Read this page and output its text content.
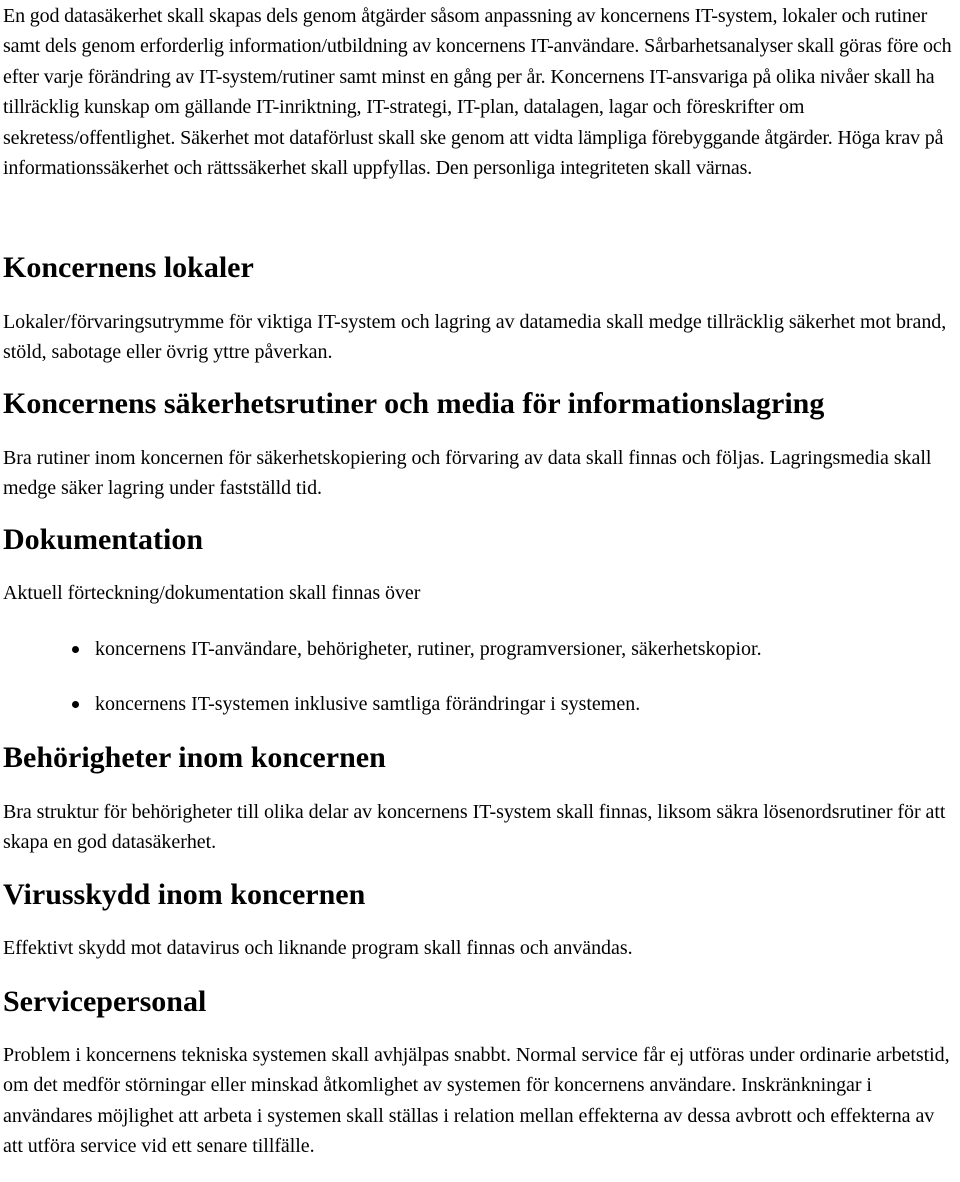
En god datasäkerhet skall skapas dels genom åtgärder såsom anpassning av koncernens IT-system, lokaler och rutiner samt dels genom erforderlig information/utbildning av koncernens IT-användare. Sårbarhetsanalyser skall göras före och efter varje förändring av IT-system/rutiner samt minst en gång per år. Koncernens IT-ansvariga på olika nivåer skall ha tillräcklig kunskap om gällande IT-inriktning, IT-strategi, IT-plan, datalagen, lagar och föreskrifter om sekretess/offentlighet. Säkerhet mot dataförlust skall ske genom att vidta lämpliga förebyggande åtgärder. Höga krav på informationssäkerhet och rättssäkerhet skall uppfyllas. Den personliga integriteten skall värnas.

Koncernens lokaler

Lokaler/förvaringsutrymme för viktiga IT-system och lagring av datamedia skall medge tillräcklig säkerhet mot brand, stöld, sabotage eller övrig yttre påverkan.

Koncernens säkerhetsrutiner och media för informationslagring

Bra rutiner inom koncernen för säkerhetskopiering och förvaring av data skall finnas och följas. Lagringsmedia skall medge säker lagring under fastställd tid.

Dokumentation

Aktuell förteckning/dokumentation skall finnas över

koncernens IT-användare, behörigheter, rutiner, programversioner, säkerhetskopior.
koncernens IT-systemen inklusive samtliga förändringar i systemen.
Behörigheter inom koncernen

Bra struktur för behörigheter till olika delar av koncernens IT-system skall finnas, liksom säkra lösenordsrutiner för att skapa en god datasäkerhet.

Virusskydd inom koncernen

Effektivt skydd mot datavirus och liknande program skall finnas och användas.

Servicepersonal

Problem i koncernens tekniska systemen skall avhjälpas snabbt. Normal service får ej utföras under ordinarie arbetstid, om det medför störningar eller minskad åtkomlighet av systemen för koncernens användare. Inskränkningar i användares möjlighet att arbeta i systemen skall ställas i relation mellan effekterna av dessa avbrott och effekterna av att utföra service vid ett senare tillfälle.
